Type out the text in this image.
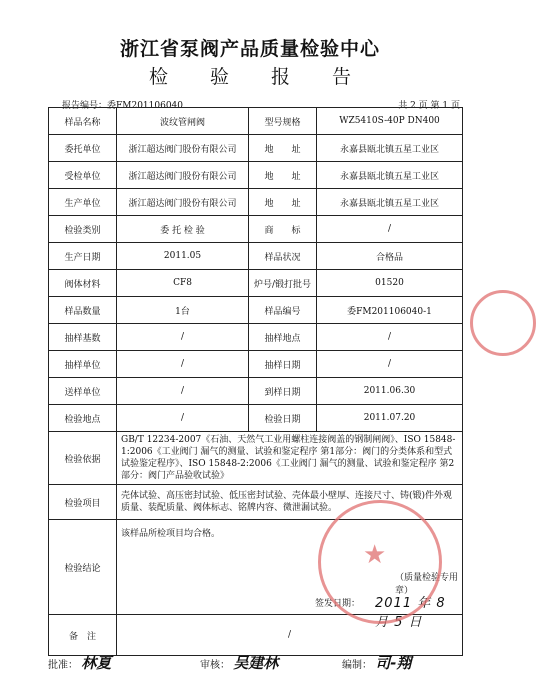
浙江省泵阀产品质量检验中心
检 验 报 告
报告编号：委FM201106040	共 2 页 第 1 页
样品名称	波纹管闸阀	型号规格	WZ5410S-40P DN400
委托单位	浙江超达阀门股份有限公司	地　　址	永嘉县瓯北镇五星工业区
受检单位	浙江超达阀门股份有限公司	地　　址	永嘉县瓯北镇五星工业区
生产单位	浙江超达阀门股份有限公司	地　　址	永嘉县瓯北镇五星工业区
检验类别	委 托 检 验	商　　标	/
生产日期	2011.05	样品状况	合格品
阀体材料	CF8	炉号/锻打批号	01520
样品数量	1台	样品编号	委FM201106040-1
抽样基数	/	抽样地点	/
抽样单位	/	抽样日期	/
送样单位	/	到样日期	2011.06.30
检验地点	/	检验日期	2011.07.20
检验依据	GB/T 12234-2007《石油、天然气工业用螺柱连接阀盖的钢制闸阀》、ISO 15848-1:2006《工业阀门 漏气的测量、试验和鉴定程序 第1部分：阀门的分类体系和型式试验鉴定程序》、ISO 15848-2:2006《工业阀门 漏气的测量、试验和鉴定程序 第2部分：阀门产品验收试验》		
检验项目	壳体试验、高压密封试验、低压密封试验、壳体最小壁厚、连接尺寸、铸(锻)件外观质量、装配质量、阀体标志、铭牌内容、微泄漏试验。		
检验结论	该样品所检项目均合格。
（质量检验专用章）
签发日期： 2011 年 8 月 5 日		

备　注	/		
★
批准： 林夏	审核： 吴建林	编制： 司-翔
